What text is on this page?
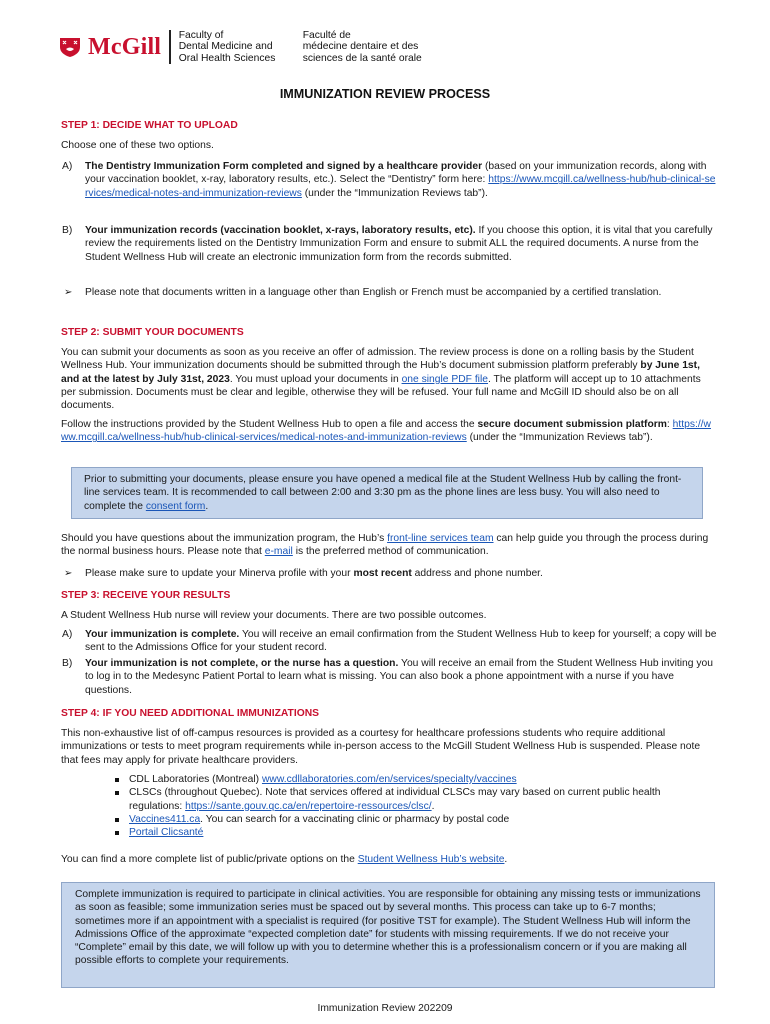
McGill Faculty of
Dental Medicine and
Oral Health Sciences
Faculté de
médecine dentaire et des
sciences de la santé orale
IMMUNIZATION REVIEW PROCESS
STEP 1: DECIDE WHAT TO UPLOAD
Choose one of these two options.
A) The Dentistry Immunization Form completed and signed by a healthcare provider (based on your immunization records, along with your vaccination booklet, x-ray, laboratory results, etc.). Select the “Dentistry” form here: https://www.mcgill.ca/wellness-hub/hub-clinical-services/medical-notes-and-immunization-reviews (under the “Immunization Reviews tab”).
B) Your immunization records (vaccination booklet, x-rays, laboratory results, etc). If you choose this option, it is vital that you carefully review the requirements listed on the Dentistry Immunization Form and ensure to submit ALL the required documents. A nurse from the Student Wellness Hub will create an electronic immunization form from the records submitted.
➢ Please note that documents written in a language other than English or French must be accompanied by a certified translation.
STEP 2: SUBMIT YOUR DOCUMENTS
You can submit your documents as soon as you receive an offer of admission. The review process is done on a rolling basis by the Student Wellness Hub. Your immunization documents should be submitted through the Hub’s document submission platform preferably by June 1st, and at the latest by July 31st, 2023. You must upload your documents in one single PDF file. The platform will accept up to 10 attachments per submission. Documents must be clear and legible, otherwise they will be refused. Your full name and McGill ID should also be on all documents.
Follow the instructions provided by the Student Wellness Hub to open a file and access the secure document submission platform: https://www.mcgill.ca/wellness-hub/hub-clinical-services/medical-notes-and-immunization-reviews (under the “Immunization Reviews tab”).
Prior to submitting your documents, please ensure you have opened a medical file at the Student Wellness Hub by calling the front-line services team. It is recommended to call between 2:00 and 3:30 pm as the phone lines are less busy. You will also need to complete the consent form.
Should you have questions about the immunization program, the Hub’s front-line services team can help guide you through the process during the normal business hours. Please note that e-mail is the preferred method of communication.
➢ Please make sure to update your Minerva profile with your most recent address and phone number.
STEP 3: RECEIVE YOUR RESULTS
A Student Wellness Hub nurse will review your documents. There are two possible outcomes.
A) Your immunization is complete. You will receive an email confirmation from the Student Wellness Hub to keep for yourself; a copy will be sent to the Admissions Office for your student record.
B) Your immunization is not complete, or the nurse has a question. You will receive an email from the Student Wellness Hub inviting you to log in to the Medesync Patient Portal to learn what is missing. You can also book a phone appointment with a nurse if you have questions.
STEP 4: IF YOU NEED ADDITIONAL IMMUNIZATIONS
This non-exhaustive list of off-campus resources is provided as a courtesy for healthcare professions students who require additional immunizations or tests to meet program requirements while in-person access to the McGill Student Wellness Hub is suspended. Please note that fees may apply for private healthcare providers.
CDL Laboratories (Montreal) www.cdllaboratories.com/en/services/specialty/vaccines
CLSCs (throughout Quebec). Note that services offered at individual CLSCs may vary based on current public health regulations: https://sante.gouv.qc.ca/en/repertoire-ressources/clsc/.
Vaccines411.ca. You can search for a vaccinating clinic or pharmacy by postal code
Portail Clicsanté
You can find a more complete list of public/private options on the Student Wellness Hub’s website.
Complete immunization is required to participate in clinical activities. You are responsible for obtaining any missing tests or immunizations as soon as feasible; some immunization series must be spaced out by several months. This process can take up to 6-7 months; sometimes more if an appointment with a specialist is required (for positive TST for example). The Student Wellness Hub will inform the Admissions Office of the approximate “expected completion date” for students with missing requirements. If we do not receive your “Complete” email by this date, we will follow up with you to determine whether this is a professionalism concern or if you are making all possible efforts to complete your requirements.
Immunization Review 202209
